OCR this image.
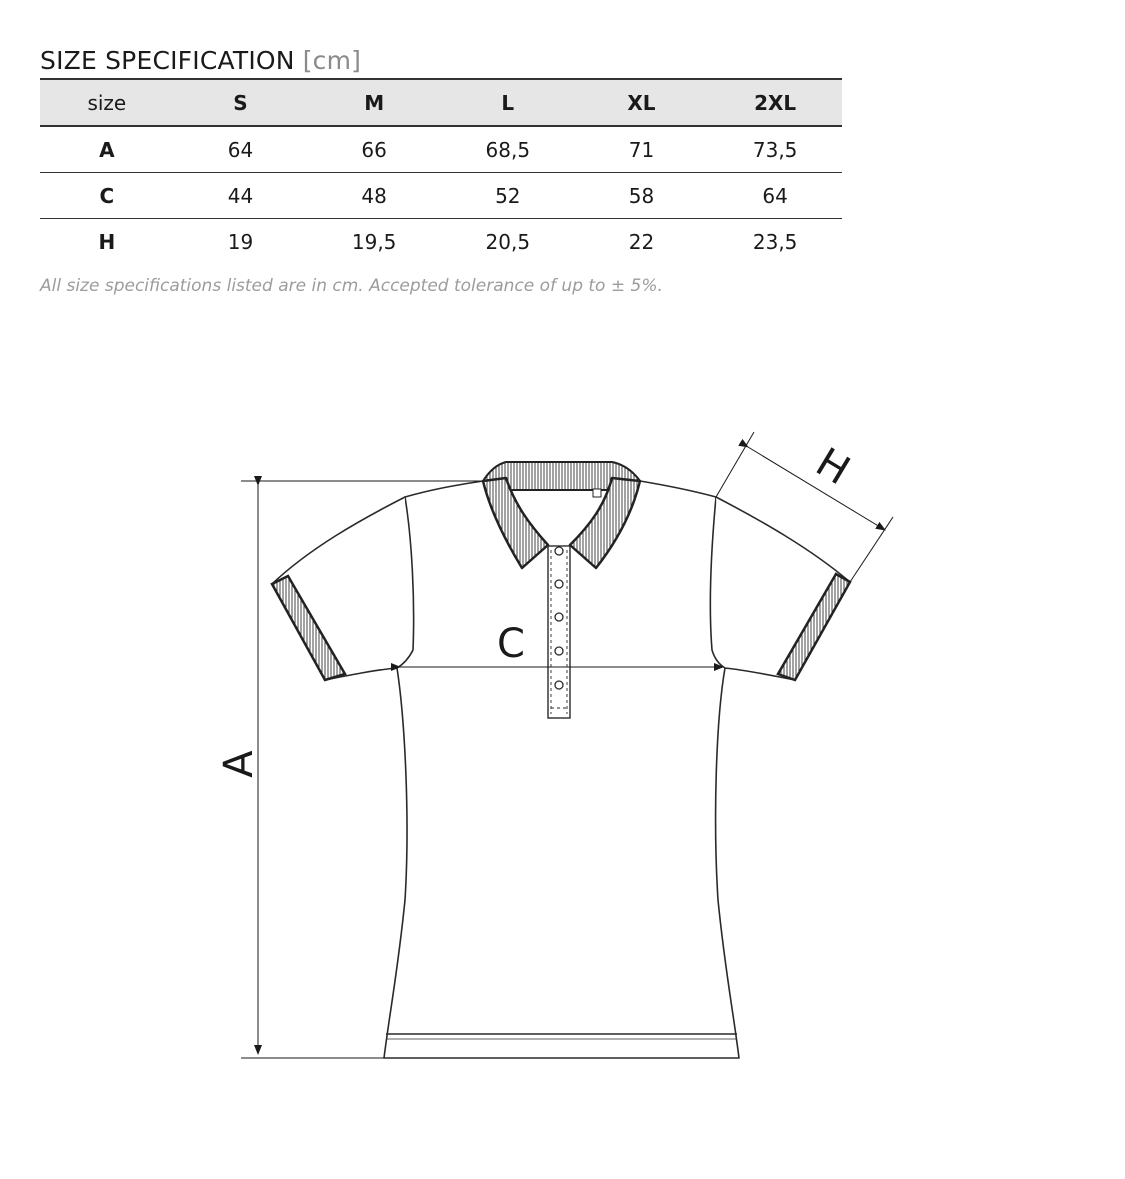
SIZE SPECIFICATION [cm]
size	S	M	L	XL	2XL
A	64	66	68,5	71	73,5
C	44	48	52	58	64
H	19	19,5	20,5	22	23,5
All size specifications listed are in cm. Accepted tolerance of up to ± 5%.
A
C
H
